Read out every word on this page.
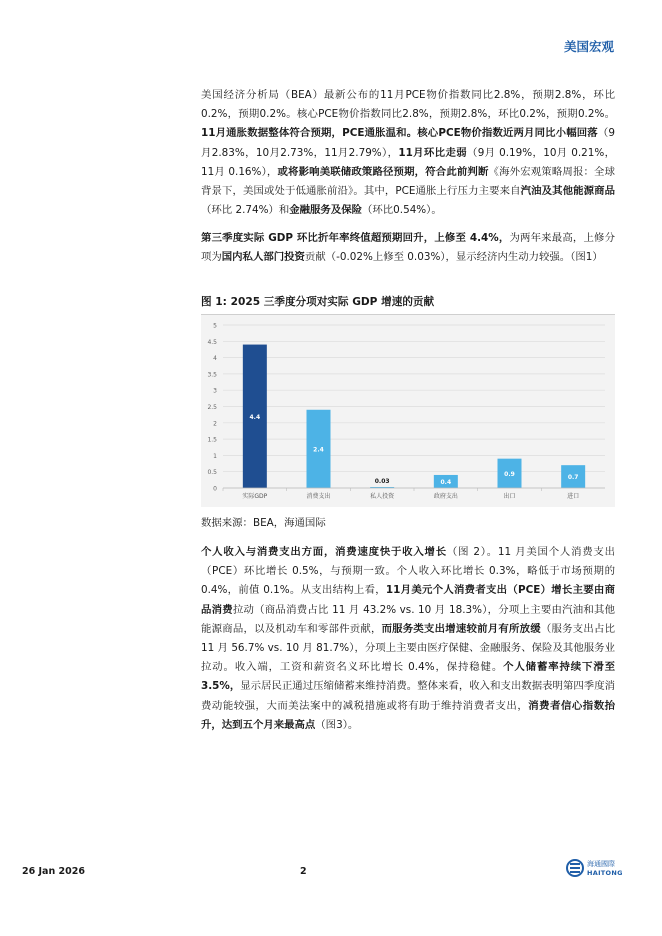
美国宏观

美国经济分析局（BEA）最新公布的11月PCE物价指数同比2.8%，预期2.8%，环比0.2%，预期0.2%。核心PCE物价指数同比2.8%，预期2.8%，环比0.2%，预期0.2%。11月通胀数据整体符合预期，PCE通胀温和。核心PCE物价指数近两月同比小幅回落（9月2.83%，10月2.73%，11月2.79%），11月环比走弱（9月 0.19%，10月 0.21%，11月 0.16%），或将影响美联储政策路径预期，符合此前判断《海外宏观策略周报：全球背景下，美国或处于低通胀前沿》。其中，PCE通胀上行压力主要来自汽油及其他能源商品（环比 2.74%）和金融服务及保险（环比0.54%）。

第三季度实际 GDP 环比折年率终值超预期回升，上修至 4.4%，为两年来最高，上修分项为国内私人部门投资贡献（-0.02%上修至 0.03%），显示经济内生动力较强。（图1）

图 1: 2025 三季度分项对实际 GDP 增速的贡献
0
0.5
1
1.5
2
2.5
3
3.5
4
4.5
5
4.4
实际GDP
2.4
消费支出
0.03
私人投资
0.4
政府支出
0.9
出口
0.7
进口
数据来源：BEA，海通国际

个人收入与消费支出方面，消费速度快于收入增长（图 2）。11 月美国个人消费支出（PCE）环比增长 0.5%，与预期一致。个人收入环比增长 0.3%，略低于市场预期的 0.4%，前值 0.1%。从支出结构上看，11月美元个人消费者支出（PCE）增长主要由商品消费拉动（商品消费占比 11 月 43.2% vs. 10 月 18.3%），分项上主要由汽油和其他能源商品，以及机动车和零部件贡献，而服务类支出增速较前月有所放缓（服务支出占比 11 月 56.7% vs. 10 月 81.7%），分项上主要由医疗保健、金融服务、保险及其他服务业拉动。收入端，工资和薪资名义环比增长 0.4%，保持稳健。个人储蓄率持续下滑至 3.5%，显示居民正通过压缩储蓄来维持消费。整体来看，收入和支出数据表明第四季度消费动能较强，大而美法案中的减税措施或将有助于维持消费者支出，消费者信心指数抬升，达到五个月来最高点（图3）。

26 Jan 2026	2
海通國際
HAITONG
